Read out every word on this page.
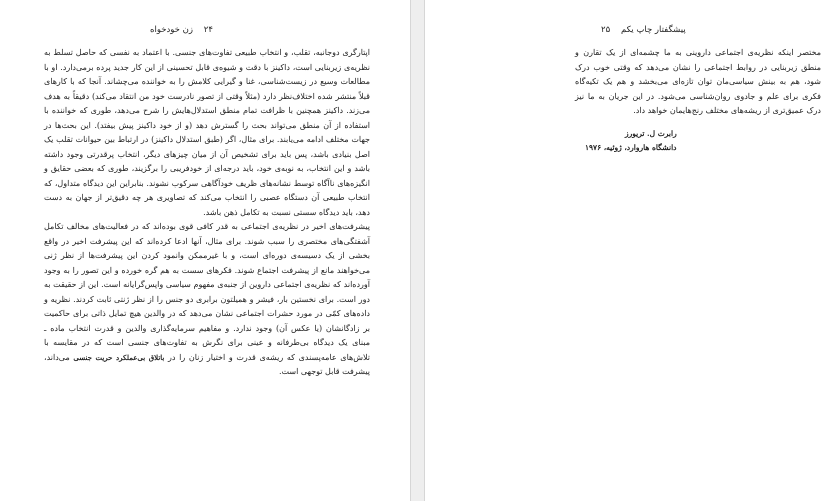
۲۴    زن خودخواه

اپتارگری دوجانبه، تقلب، و انتخاب طبیعی تفاوت‌های جنسی. با اعتماد به نفسی که حاصل تسلط به نظریه‌ی زیربنایی است، داکینز با دقت و شیوه‌ی قابل تحسینی از این کار جدید پرده برمی‌دارد. او با مطالعات وسیع در زیست‌شناسی، غنا و گیرایی کلامش را به خواننده می‌چشاند. آنجا که با کارهای قبلاً منتشر شده اختلاف‌نظر دارد (مثلاً وقتی از تصور نادرست خود من انتقاد می‌کند) دقیقاً به هدف می‌زند. داکینز همچنین با ظرافت تمام منطق استدلال‌هایش را شرح می‌دهد، طوری که خواننده با استفاده از آن منطق می‌تواند بحث را گسترش دهد (و از خود داکینز پیش بیفتد). این بحث‌ها در جهات مختلف ادامه می‌یابند. برای مثال، اگر (طبق استدلال داکینز) در ارتباط بین حیوانات تقلب یک اصل بنیادی باشد، پس باید برای تشخیص آن از میان چیزهای دیگر، انتخاب پرقدرتی وجود داشته باشد و این انتخاب، به نوبه‌ی خود، باید درجه‌ای از خودفریبی را برگزیند، طوری که بعضی حقایق و انگیزه‌های ناآگاه توسط نشانه‌های ظریف خودآگاهی سرکوب نشوند. بنابراین این دیدگاه متداول، که انتخاب طبیعی آن دستگاه عصبی را انتخاب می‌کند که تصاویری هر چه دقیق‌تر از جهان به دست دهد، باید دیدگاه سستی نسبت به تکامل ذهن باشد.

پیشرفت‌های اخیر در نظریه‌ی اجتماعی به قدر کافی قوی بوده‌اند که در فعالیت‌های مخالف تکامل آشفتگی‌های مختصری را سبب شوند. برای مثال، آنها ادعا کرده‌اند که این پیشرفت اخیر در واقع بخشی از یک دسیسه‌ی دوره‌ای است، و با غیرممکن وانمود کردن این پیشرفت‌ها از نظر ژنی می‌خواهند مانع از پیشرفت اجتماع شوند. فکرهای سست به هم گره خورده و این تصور را به وجود آورده‌اند که نظریه‌ی اجتماعی داروین از جنبه‌ی مفهوم سیاسی واپس‌گرایانه است. این از حقیقت به دور است. برای نخستین بار، فیشر و همیلتون برابری دو جنس را از نظر ژنتی ثابت کردند. نظریه و داده‌های کمّی در مورد حشرات اجتماعی نشان می‌دهد که در والدین هیچ تمایل ذاتی برای حاکمیت بر زادگانشان (یا عکس آن) وجود ندارد. و مفاهیم سرمایه‌گذاری والدین و قدرت انتخاب ماده ـ مبنای یک دیدگاه بی‌طرفانه و عینی برای نگرش به تفاوت‌های جنسی است که در مقایسه با تلاش‌های عامه‌پسندی که ریشه‌ی قدرت و اختیار زنان را در باتلاق بی‌عملکرد حریت جنسی می‌داند، پیشرفت قابل توجهی است.

پیشگفتار چاپ یکم    ۲۵

مختصر اینکه نظریه‌ی اجتماعی داروینی به ما چشمه‌ای از یک تقارن و منطق زیربنایی در روابط اجتماعی را نشان می‌دهد که وقتی خوب درک شود، هم به بینش سیاسی‌مان توان تازه‌ای می‌بخشد و هم یک تکیه‌گاه فکری برای علم و جادوی روان‌شناسی می‌شود. در این جریان به ما نیز درک عمیق‌تری از ریشه‌های مختلف رنج‌هایمان خواهد داد.

رابرت ل. تریورز
دانشگاه هاروارد، ژوئیه، ۱۹۷۶
